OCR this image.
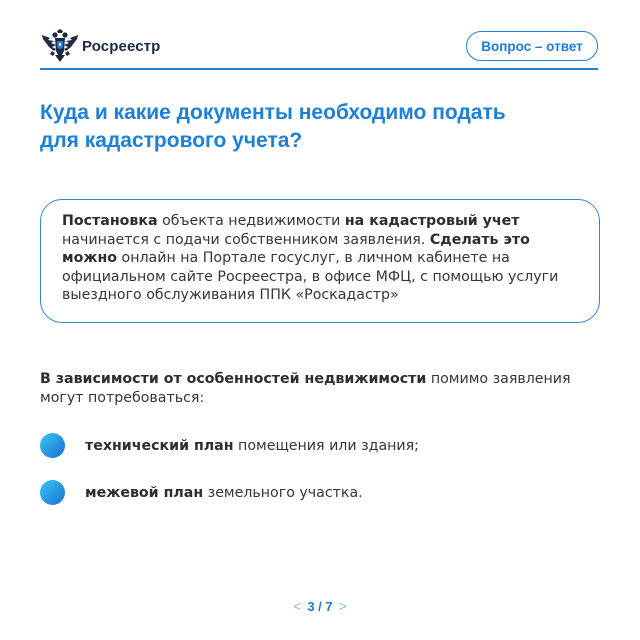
Росреестр	Вопрос – ответ
Куда и какие документы необходимо подать
для кадастрового учета?

Постановка объекта недвижимости на кадастровый учет начинается с подачи собственником заявления. Сделать это можно онлайн на Портале госуслуг, в личном кабинете на официальном сайте Росреестра, в офисе МФЦ, с помощью услуги выездного обслуживания ППК «Роскадастр»

В зависимости от особенностей недвижимости помимо заявления могут потребоваться:

технический план помещения или здания;
межевой план земельного участка.
< 3 / 7 >
